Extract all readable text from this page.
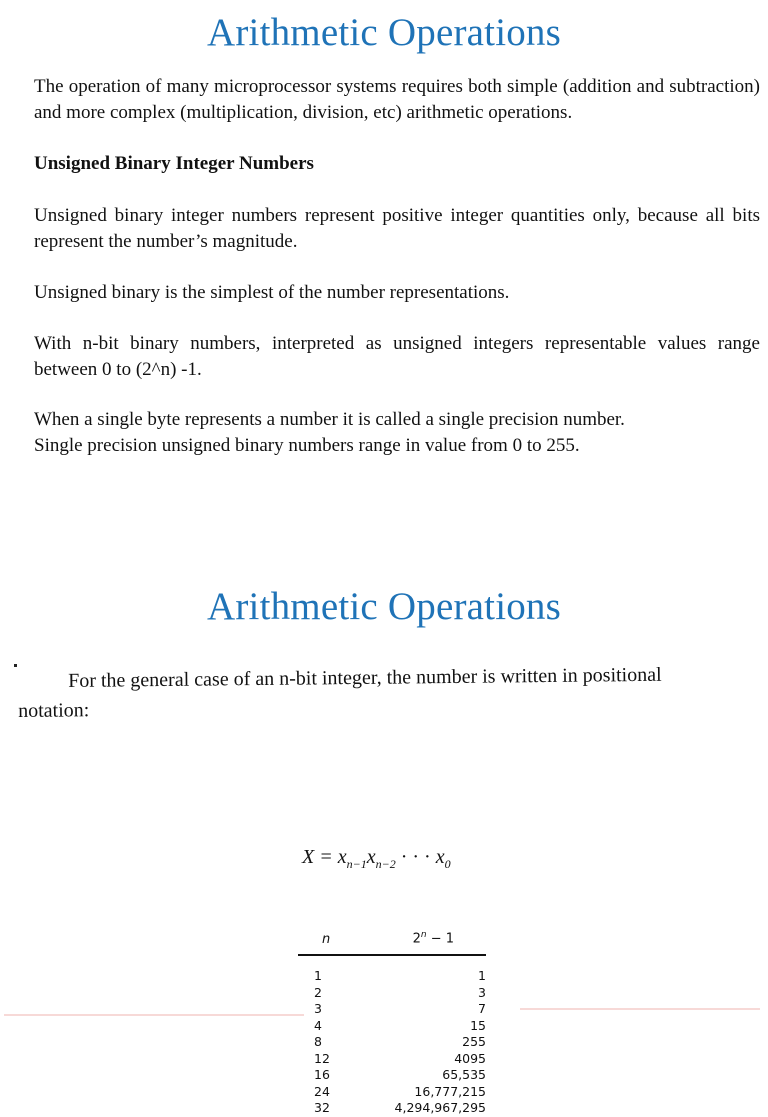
Arithmetic Operations

The operation of many microprocessor systems requires both simple (addition and subtraction) and more complex (multiplication, division, etc) arithmetic operations.

Unsigned Binary Integer Numbers

Unsigned binary integer numbers represent positive integer quantities only, because all bits represent the number’s magnitude.

Unsigned binary is the simplest of the number representations.

With n-bit binary numbers, interpreted as unsigned integers representable values range between 0 to (2^n) -1.

When a single byte represents a number it is called a single precision number.

Single precision unsigned binary numbers range in value from 0 to 255.

Arithmetic Operations
For the general case of an n-bit integer, the number is written in positional
notation:
$X = x_{n-1}x_{n-2}$ · · · $x_0$
n	$2^n - 1$
1	1
2	3
3	7
4	15
8	255
12	4095
16	65,535
24	16,777,215
32	4,294,967,295
